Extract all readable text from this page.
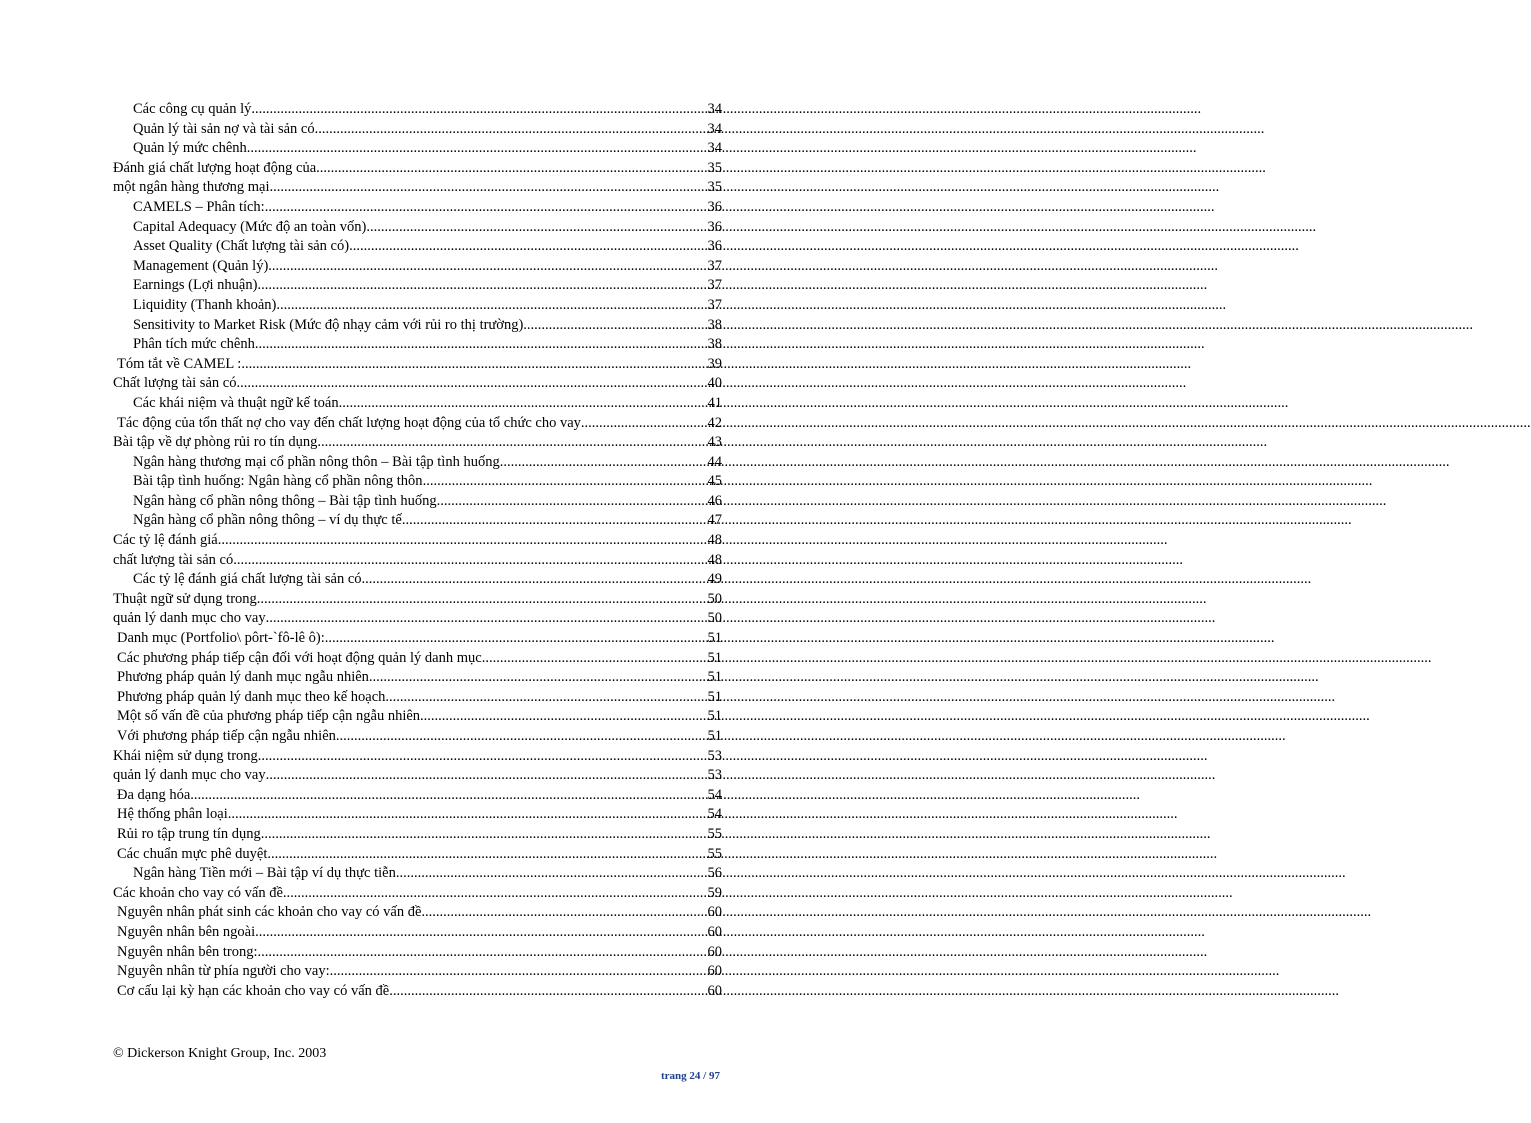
Các công cụ quản lý .....	34
Quản lý tài sản nợ và tài sản có .....	34
Quản lý mức chênh .....	34
Đánh giá chất lượng hoạt động của .....	35
một ngân hàng thương mại .....	35
CAMELS – Phân tích: .....	36
Capital Adequacy (Mức độ an toàn vốn) .....	36
Asset Quality (Chất lượng tài sản có) .....	36
Management (Quản lý) .....	37
Earnings (Lợi nhuận) .....	37
Liquidity (Thanh khoản) .....	37
Sensitivity to Market Risk (Mức độ nhạy cảm với rủi ro thị trường) .....	38
Phân tích mức chênh .....	38
Tóm tắt về CAMEL : .....	39
Chất lượng tài sản có .....	40
Các khái niệm và thuật ngữ kế toán .....	41
Tác động của tổn thất nợ cho vay đến chất lượng hoạt động của tổ chức cho vay .....	42
Bài tập về dự phòng rủi ro tín dụng .....	43
Ngân hàng thương mại cổ phần nông thôn – Bài tập tình huống .....	44
Bài tập tình huống: Ngân hàng cổ phần nông thôn .....	45
Ngân hàng cổ phần nông thông – Bài tập tình huống .....	46
Ngân hàng cổ phần nông thông – ví dụ thực tế .....	47
Các tỷ lệ đánh giá .....	48
chất lượng tài sản có .....	48
Các tỷ lệ đánh giá chất lượng tài sản có .....	49
Thuật ngữ sử dụng trong .....	50
quản lý danh mục cho vay .....	50
Danh mục (Portfolio\ pôrt-`fô-lê ô): .....	51
Các phương pháp tiếp cận đối với hoạt động quản lý danh mục .....	51
Phương pháp quản lý danh mục ngẫu nhiên .....	51
Phương pháp quản lý danh mục theo kế hoạch .....	51
Một số vấn đề của phương pháp tiếp cận ngẫu nhiên .....	51
Với phương pháp tiếp cận ngẫu nhiên .....	51
Khái niệm sử dụng trong .....	53
quản lý danh mục cho vay .....	53
Đa dạng hóa .....	54
Hệ thống phân loại .....	54
Rủi ro tập trung tín dụng .....	55
Các chuẩn mực phê duyệt .....	55
Ngân hàng Tiền mới – Bài tập ví dụ thực tiễn .....	56
Các khoản cho vay có vấn đề .....	59
Nguyên nhân phát sinh các khoản cho vay có vấn đề .....	60
Nguyên nhân bên ngoài .....	60
Nguyên nhân bên trong: .....	60
Nguyên nhân từ phía người cho vay: .....	60
Cơ cấu lại kỳ hạn các khoản cho vay có vấn đề .....	60
© Dickerson Knight Group, Inc. 2003
trang 24 / 97
